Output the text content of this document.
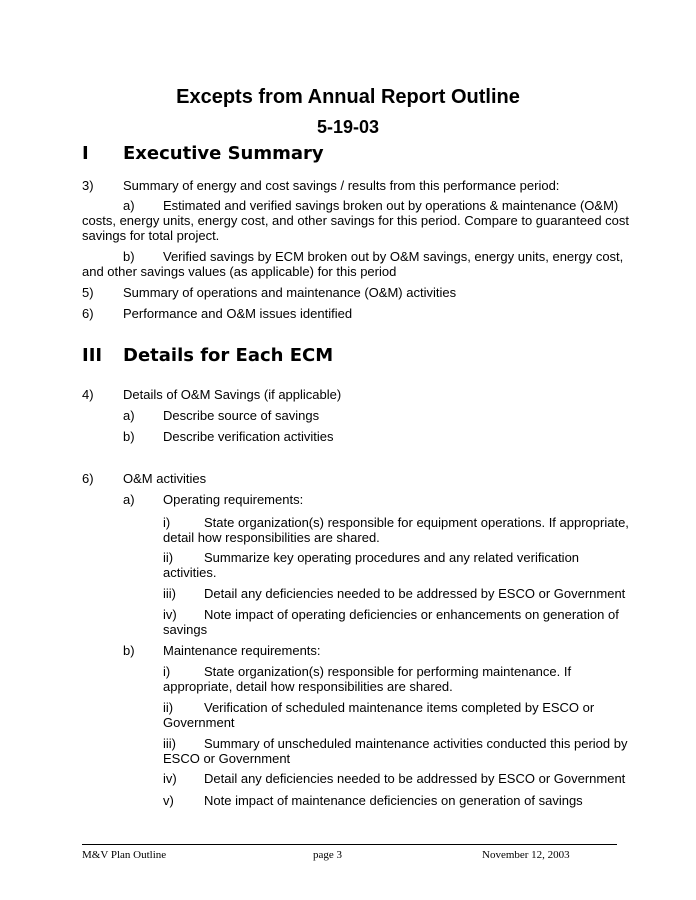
Excepts from Annual Report Outline
5-19-03
I Executive Summary
3) Summary of energy and cost savings / results from this performance period:
a) Estimated and verified savings broken out by operations & maintenance (O&M)
costs, energy units, energy cost, and other savings for this period. Compare to guaranteed cost
savings for total project.
b) Verified savings by ECM broken out by O&M savings, energy units, energy cost,
and other savings values (as applicable) for this period
5) Summary of operations and maintenance (O&M) activities
6) Performance and O&M issues identified
III Details for Each ECM
4) Details of O&M Savings (if applicable)
a) Describe source of savings
b) Describe verification activities
6) O&M activities
a) Operating requirements:
i)	State organization(s) responsible for equipment operations. If appropriate,
detail how responsibilities are shared.
ii) Summarize key operating procedures and any related verification
activities.
iii) Detail any deficiencies needed to be addressed by ESCO or Government
iv) Note impact of operating deficiencies or enhancements on generation of
savings
b) Maintenance requirements:
i)	State organization(s) responsible for performing maintenance. If
appropriate, detail how responsibilities are shared.
ii) Verification of scheduled maintenance items completed by ESCO or
Government
iii) Summary of unscheduled maintenance activities conducted this period by
ESCO or Government
iv) Detail any deficiencies needed to be addressed by ESCO or Government
v) Note impact of maintenance deficiencies on generation of savings
M&V Plan Outline	page 3	November 12, 2003
